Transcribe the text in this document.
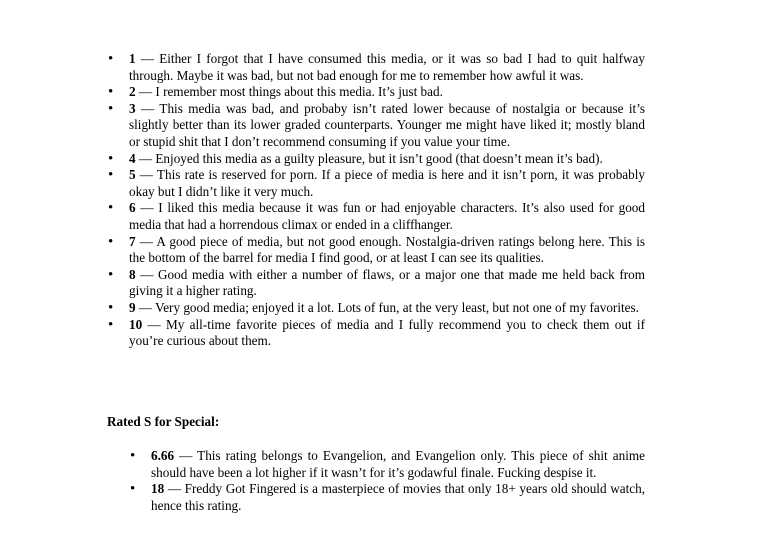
• 1 — Either I forgot that I have consumed this media, or it was so bad I had to quit halfway through. Maybe it was bad, but not bad enough for me to remember how awful it was.
• 2 — I remember most things about this media. It’s just bad.
• 3 — This media was bad, and probaby isn’t rated lower because of nostalgia or because it’s slightly better than its lower graded counterparts. Younger me might have liked it; mostly bland or stupid shit that I don’t recommend consuming if you value your time.
• 4 — Enjoyed this media as a guilty pleasure, but it isn’t good (that doesn’t mean it’s bad).
• 5 — This rate is reserved for porn. If a piece of media is here and it isn’t porn, it was probably okay but I didn’t like it very much.
• 6 — I liked this media because it was fun or had enjoyable characters. It’s also used for good media that had a horrendous climax or ended in a cliffhanger.
• 7 — A good piece of media, but not good enough. Nostalgia-driven ratings belong here. This is the bottom of the barrel for media I find good, or at least I can see its qualities.
• 8 — Good media with either a number of flaws, or a major one that made me held back from giving it a higher rating.
• 9 — Very good media; enjoyed it a lot. Lots of fun, at the very least, but not one of my favorites.
• 10 — My all-time favorite pieces of media and I fully recommend you to check them out if you’re curious about them.
Rated S for Special:
• 6.66 — This rating belongs to Evangelion, and Evangelion only. This piece of shit anime should have been a lot higher if it wasn’t for it’s godawful finale. Fucking despise it.
• 18 — Freddy Got Fingered is a masterpiece of movies that only 18+ years old should watch, hence this rating.
